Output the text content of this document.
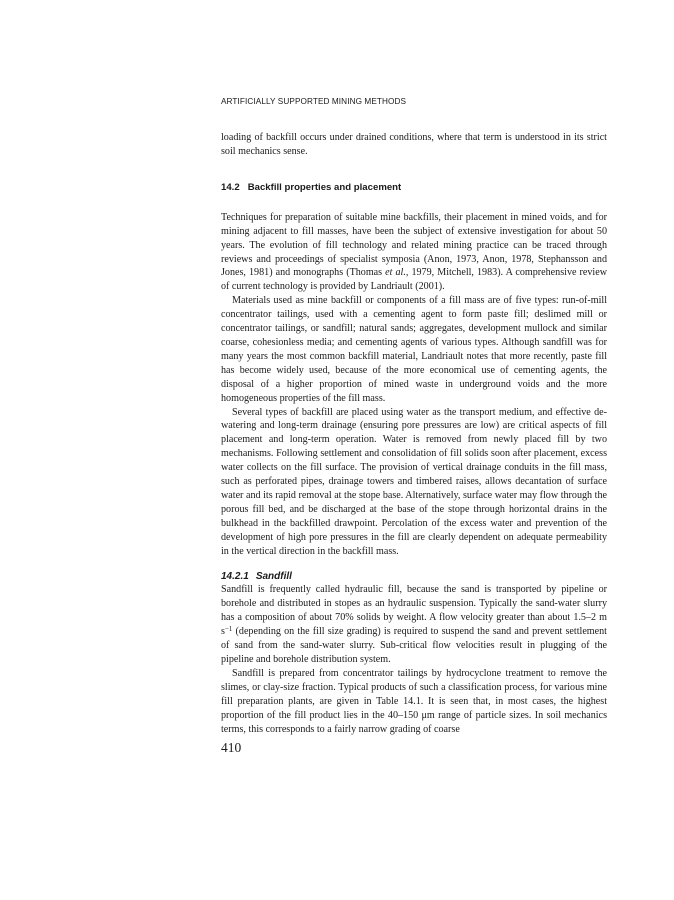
ARTIFICIALLY SUPPORTED MINING METHODS

loading of backfill occurs under drained conditions, where that term is understood in its strict soil mechanics sense.

14.2 Backfill properties and placement

Techniques for preparation of suitable mine backfills, their placement in mined voids, and for mining adjacent to fill masses, have been the subject of extensive investigation for about 50 years. The evolution of fill technology and related mining practice can be traced through reviews and proceedings of specialist symposia (Anon, 1973, Anon, 1978, Stephansson and Jones, 1981) and monographs (Thomas et al., 1979, Mitchell, 1983). A comprehensive review of current technology is provided by Landriault (2001).

Materials used as mine backfill or components of a fill mass are of five types: run-of-mill concentrator tailings, used with a cementing agent to form paste fill; deslimed mill or concentrator tailings, or sandfill; natural sands; aggregates, development mullock and similar coarse, cohesionless media; and cementing agents of various types. Although sandfill was for many years the most common backfill material, Landriault notes that more recently, paste fill has become widely used, because of the more economical use of cementing agents, the disposal of a higher proportion of mined waste in underground voids and the more homogeneous properties of the fill mass.

Several types of backfill are placed using water as the transport medium, and effective de-watering and long-term drainage (ensuring pore pressures are low) are critical aspects of fill placement and long-term operation. Water is removed from newly placed fill by two mechanisms. Following settlement and consolidation of fill solids soon after placement, excess water collects on the fill surface. The provision of vertical drainage conduits in the fill mass, such as perforated pipes, drainage towers and timbered raises, allows decantation of surface water and its rapid removal at the stope base. Alternatively, surface water may flow through the porous fill bed, and be discharged at the base of the stope through horizontal drains in the bulkhead in the backfilled drawpoint. Percolation of the excess water and prevention of the development of high pore pressures in the fill are clearly dependent on adequate permeability in the vertical direction in the backfill mass.

14.2.1 Sandfill

Sandfill is frequently called hydraulic fill, because the sand is transported by pipeline or borehole and distributed in stopes as an hydraulic suspension. Typically the sand-water slurry has a composition of about 70% solids by weight. A flow velocity greater than about 1.5–2 m $s^{-1}$ (depending on the fill size grading) is required to suspend the sand and prevent settlement of sand from the sand-water slurry. Sub-critical flow velocities result in plugging of the pipeline and borehole distribution system.

Sandfill is prepared from concentrator tailings by hydrocyclone treatment to remove the slimes, or clay-size fraction. Typical products of such a classification process, for various mine fill preparation plants, are given in Table 14.1. It is seen that, in most cases, the highest proportion of the fill product lies in the 40–150 μm range of particle sizes. In soil mechanics terms, this corresponds to a fairly narrow grading of coarse

410
